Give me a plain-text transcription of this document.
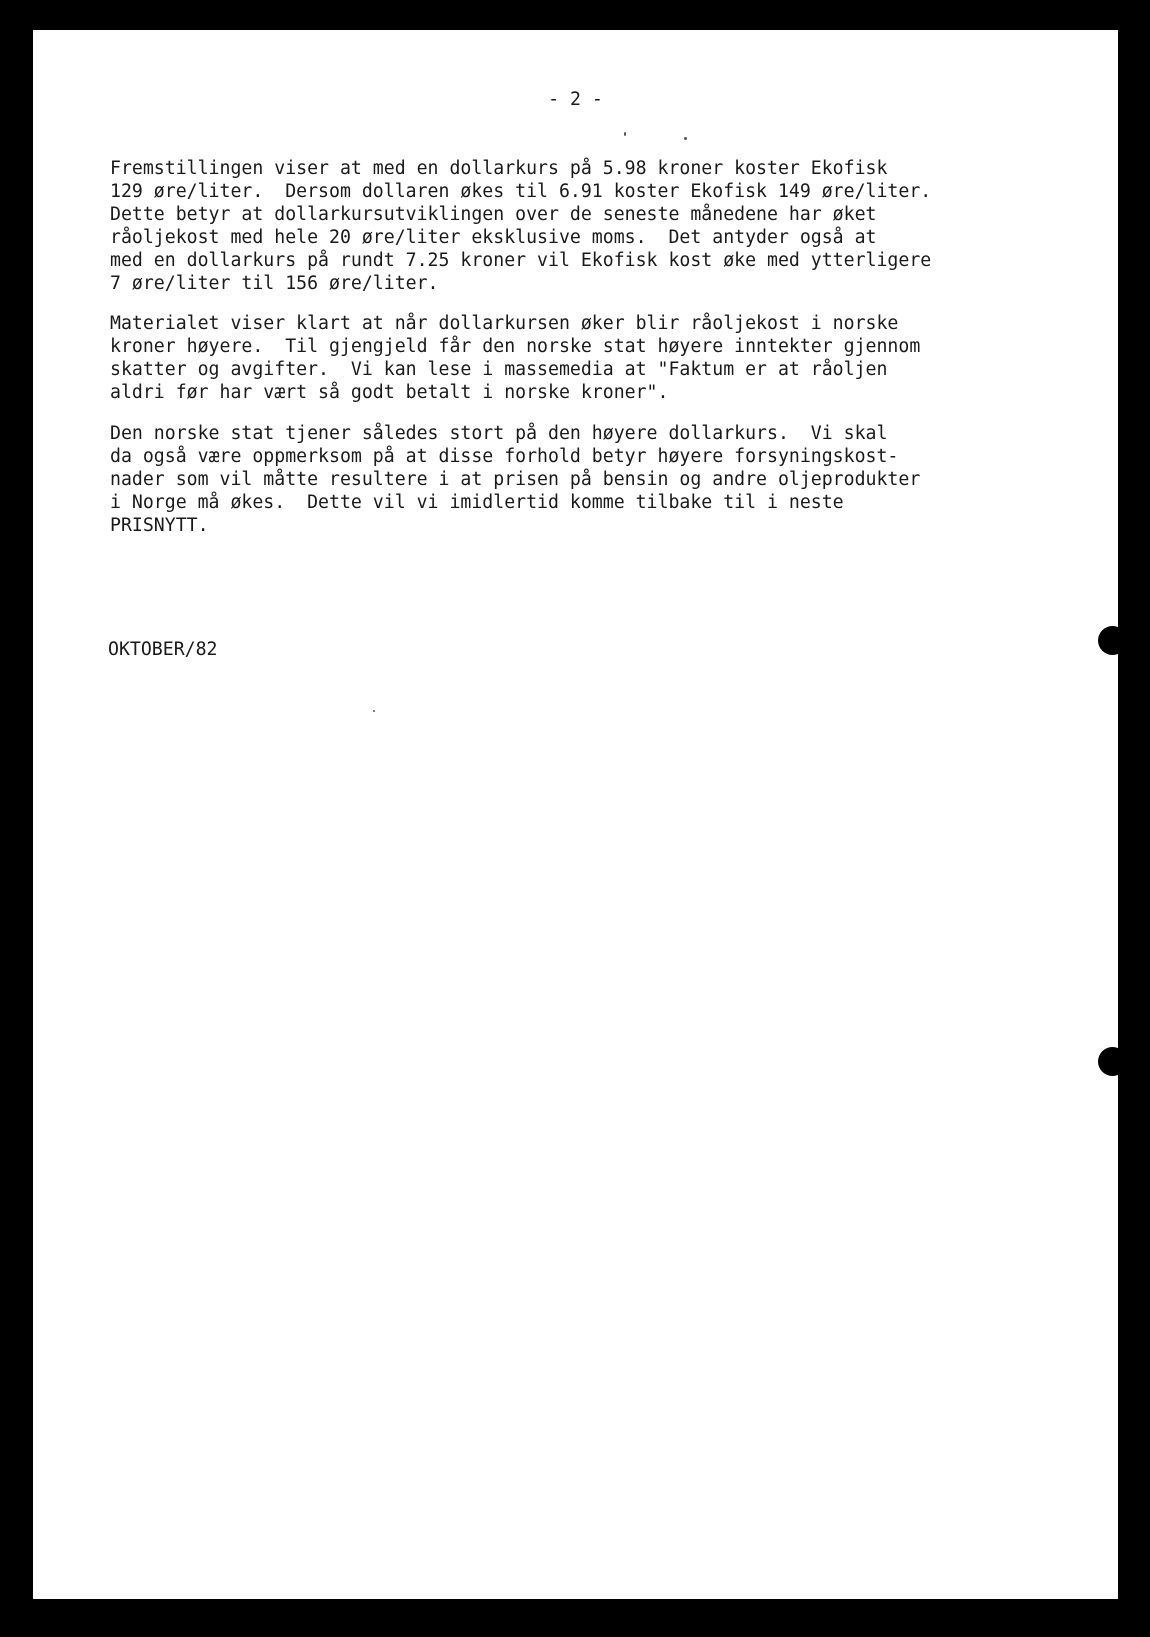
- 2 -
Fremstillingen viser at med en dollarkurs på 5.98 kroner koster Ekofisk
129 øre/liter.  Dersom dollaren økes til 6.91 koster Ekofisk 149 øre/liter.
Dette betyr at dollarkursutviklingen over de seneste månedene har øket
råoljekost med hele 20 øre/liter eksklusive moms.  Det antyder også at
med en dollarkurs på rundt 7.25 kroner vil Ekofisk kost øke med ytterligere
7 øre/liter til 156 øre/liter.
Materialet viser klart at når dollarkursen øker blir råoljekost i norske
kroner høyere.  Til gjengjeld får den norske stat høyere inntekter gjennom
skatter og avgifter.  Vi kan lese i massemedia at "Faktum er at råoljen
aldri før har vært så godt betalt i norske kroner".
Den norske stat tjener således stort på den høyere dollarkurs.  Vi skal
da også være oppmerksom på at disse forhold betyr høyere forsyningskost-
nader som vil måtte resultere i at prisen på bensin og andre oljeprodukter
i Norge må økes.  Dette vil vi imidlertid komme tilbake til i neste
PRISNYTT.
OKTOBER/82
